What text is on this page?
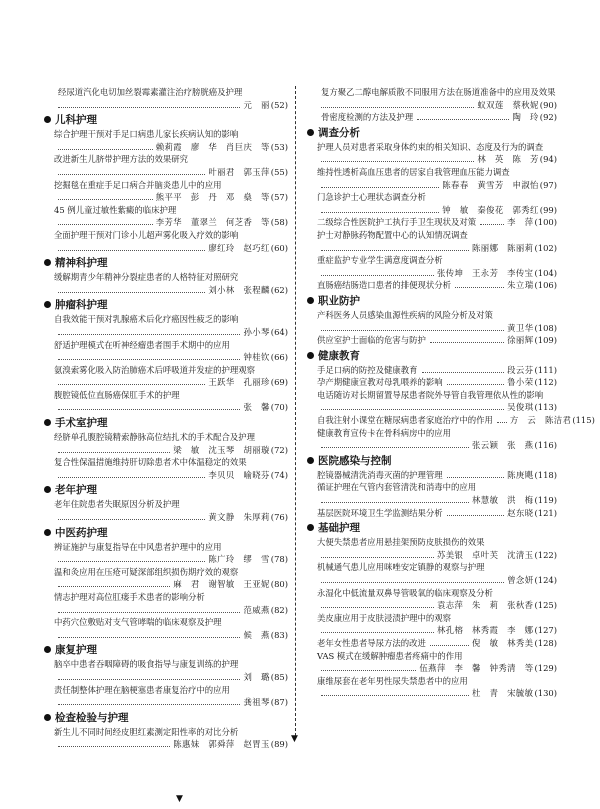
经尿道汽化电切加丝裂霉素灌注治疗膀胱癌及护理
元　丽 (52)
儿科护理
综合护理干预对手足口病患儿家长疾病认知的影响
赖莉霞　廖　华　肖巨庆　等 (53)
改进新生儿脐带护理方法的效果研究
叶丽君　郭玉萍 (55)
挖掘毯在重症手足口病合并脑炎患儿中的应用
熊平平　彭　丹　邓　燊　等 (57)
45 例儿童过敏性紫癜的临床护理
李芳华　董翠兰　何芝香　等 (58)
全面护理干预对门诊小儿超声雾化吸入疗效的影响
廖红玲　赵巧红 (60)
精神科护理
缓解期青少年精神分裂症患者的人格特征对照研究
刘小林　张程麟 (62)
肿瘤科护理
自我效能干预对乳腺癌术后化疗癌因性疲乏的影响
孙小琴 (64)
舒适护理模式在听神经瘤患者围手术期中的应用
钟桂钦 (66)
氨溴索雾化吸入防治肺癌术后呼吸道并发症的护理观察
王跃华　孔丽珍 (69)
腹腔镜低位直肠癌保肛手术的护理
张　馨 (70)
手术室护理
经脐单孔腹腔镜精索静脉高位结扎术的手术配合及护理
梁　敏　沈玉琴　胡丽璇 (72)
复合性保温措施维持肝切除患者术中体温稳定的效果
李贝贝　喻晓芬 (74)
老年护理
老年住院患者失眠原因分析及护理
黄文静　朱厚莉 (76)
中医药护理
辨证施护与康复指导在中风患者护理中的应用
陈广玲　缪　雪 (78)
温和灸应用在压疮可疑深部组织损伤期疗效的观察
麻　君　谢智敏　王亚妮 (80)
情志护理对高位肛瘘手术患者的影响分析
范威燕 (82)
中药穴位敷贴对支气管哮喘的临床观察及护理
候　燕 (83)
康复护理
脑卒中患者吞咽障碍的吸食指导与康复训练的护理
刘　璐 (85)
责任制整体护理在脑梗塞患者康复治疗中的应用
龚祖琴 (87)
检查检验与护理
新生儿不同时间经皮胆红素测定阳性率的对比分析
陈惠妹　郭舜萍　赵胃玉 (89)
▼
复方聚乙二醇电解质散不同服用方法在肠道准备中的应用及效果
蚁双莲　蔡秋妮 (90)
骨密度检测的方法及护理	陶　玲 (92)
调查分析
护理人员对患者采取身体约束的相关知识、态度及行为的调查
林　英　陈　芳 (94)
维持性透析高血压患者的居家自我管理血压能力调查
陈春春　黄雪芳　申淑怡 (97)
门急诊护士心理状态调查分析
钟　敏　秦俊花　郭秀红 (99)
二级综合性医院护工执行手卫生现状及对策	李　萍 (100)
护士对静脉药物配置中心的认知情况调查
陈丽娜　陈丽莉 (102)
重症监护专业学生满意度调查分析
张传坤　王永芳　李传宝 (104)
直肠癌结肠造口患者的排便现状分析	朱立瑞 (106)
职业防护
产科医务人员感染血源性疾病的风险分析及对策
黄卫华 (108)
供应室护士面临的危害与防护	徐丽辉 (109)
健康教育
手足口病的防控及健康教育	段云芬 (111)
孕产期健康宣教对母乳喂养的影响	鲁小荣 (112)
电话随访对长期留置导尿患者院外导管自我管理依从性的影响
吴俊琪 (113)
自我注射小课堂在糖尿病患者家庭治疗中的作用 方　云　陈洁君 (115)
健康教育宣传卡在骨科病房中的应用
张云颖　张　燕 (116)
医院感染与控制
腔镜器械清洗消毒灭菌的护理管理	陈庚飓 (118)
循证护理在气管内套管清洗和消毒中的应用
林慧敏　洪　梅 (119)
基层医院环境卫生学监测结果分析	赵东晓 (121)
基础护理
大便失禁患者应用悬挂架预防皮肤损伤的效果
苏美银　卓叶芙　沈清玉 (122)
机械通气患儿应用咪唑安定镇静的观察与护理
曾念妍 (124)
永湿化中低流量双鼻导管吸氧的临床观察及分析
袁志萍　朱　莉　张秋香 (125)
美皮康应用于皮肤浸渍护理中的观察
林孔榕　林秀霞　李　娜 (127)
老年女性患者导尿方法的改进	倪　敏　林秀美 (128)
VAS 模式在缓解肿瘤患者疼痛中的作用
伍燕萍　李　馨　钟秀清　等 (129)
康维尿套在老年男性尿失禁患者中的应用
杜　青　宋毓敏 (130)
▼
